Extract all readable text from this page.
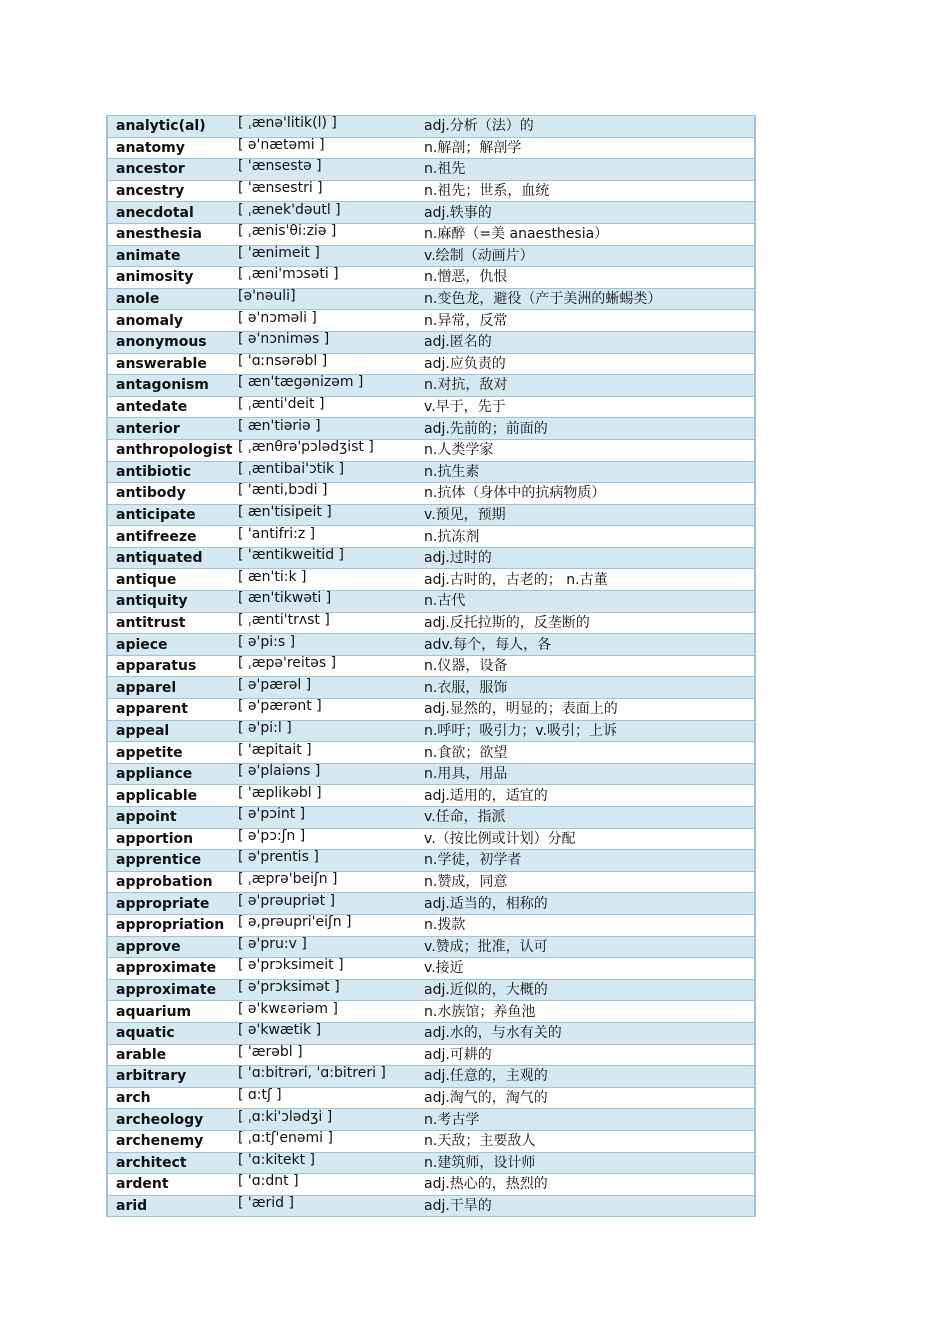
analytic(al)	[ ˌænə'litik(l) ]	adj.分析（法）的
anatomy	[ ə'nætəmi ]	n.解剖；解剖学
ancestor	[ 'ænsestə ]	n.祖先
ancestry	[ 'ænsestri ]	n.祖先；世系，血统
anecdotal	[ ˌænek'dəutl ]	adj.轶事的
anesthesia	[ ˌænis'θi:ziə ]	n.麻醉（=美 anaesthesia）
animate	[ 'ænimeit ]	v.绘制（动画片）
animosity	[ ˌæni'mɔsəti ]	n.憎恶，仇恨
anole	[ə'nəuli]	n.变色龙，避役（产于美洲的蜥蜴类）
anomaly	[ ə'nɔməli ]	n.异常，反常
anonymous	[ ə'nɔniməs ]	adj.匿名的
answerable	[ 'ɑːnsərəbl ]	adj.应负责的
antagonism	[ æn'tægənizəm ]	n.对抗，敌对
antedate	[ ˌænti'deit ]	v.早于，先于
anterior	[ æn'tiəriə ]	adj.先前的；前面的
anthropologist	[ ˌænθrə'pɔlədʒist ]	n.人类学家
antibiotic	[ ˌæntibai'ɔtik ]	n.抗生素
antibody	[ 'ænti,bɔdi ]	n.抗体（身体中的抗病物质）
anticipate	[ æn'tisipeit ]	v.预见，预期
antifreeze	[ 'antifri:z ]	n.抗冻剂
antiquated	[ 'æntikweitid ]	adj.过时的
antique	[ æn'ti:k ]	adj.古时的，古老的； n.古董
antiquity	[ æn'tikwəti ]	n.古代
antitrust	[ ˌænti'trʌst ]	adj.反托拉斯的，反垄断的
apiece	[ ə'pi:s ]	adv.每个，每人，各
apparatus	[ ˌæpə'reitəs ]	n.仪器，设备
apparel	[ ə'pærəl ]	n.衣服，服饰
apparent	[ ə'pærənt ]	adj.显然的，明显的；表面上的
appeal	[ ə'pi:l ]	n.呼吁；吸引力；v.吸引；上诉
appetite	[ 'æpitait ]	n.食欲；欲望
appliance	[ ə'plaiəns ]	n.用具，用品
applicable	[ 'æplikəbl ]	adj.适用的，适宜的
appoint	[ ə'pɔint ]	v.任命，指派
apportion	[ ə'pɔ:ʃn ]	v.（按比例或计划）分配
apprentice	[ ə'prentis ]	n.学徒，初学者
approbation	[ ˌæprə'beiʃn ]	n.赞成，同意
appropriate	[ ə'prəupriət ]	adj.适当的，相称的
appropriation	[ ə,prəupri'eiʃn ]	n.拨款
approve	[ ə'pru:v ]	v.赞成；批准，认可
approximate	[ ə'prɔksimeit ]	v.接近
approximate	[ ə'prɔksimət ]	adj.近似的，大概的
aquarium	[ ə'kwɛəriəm ]	n.水族馆；养鱼池
aquatic	[ ə'kwætik ]	adj.水的，与水有关的
arable	[ 'ærəbl ]	adj.可耕的
arbitrary	[ 'ɑ:bitrəri, 'ɑ:bitreri ]	adj.任意的，主观的
arch	[ ɑ:tʃ ]	adj.淘气的，淘气的
archeology	[ ˌɑ:ki'ɔlədʒi ]	n.考古学
archenemy	[ ˌɑ:tʃ'enəmi ]	n.天敌；主要敌人
architect	[ 'ɑ:kitekt ]	n.建筑师，设计师
ardent	[ 'ɑ:dnt ]	adj.热心的，热烈的
arid	[ 'ærid ]	adj.干旱的
